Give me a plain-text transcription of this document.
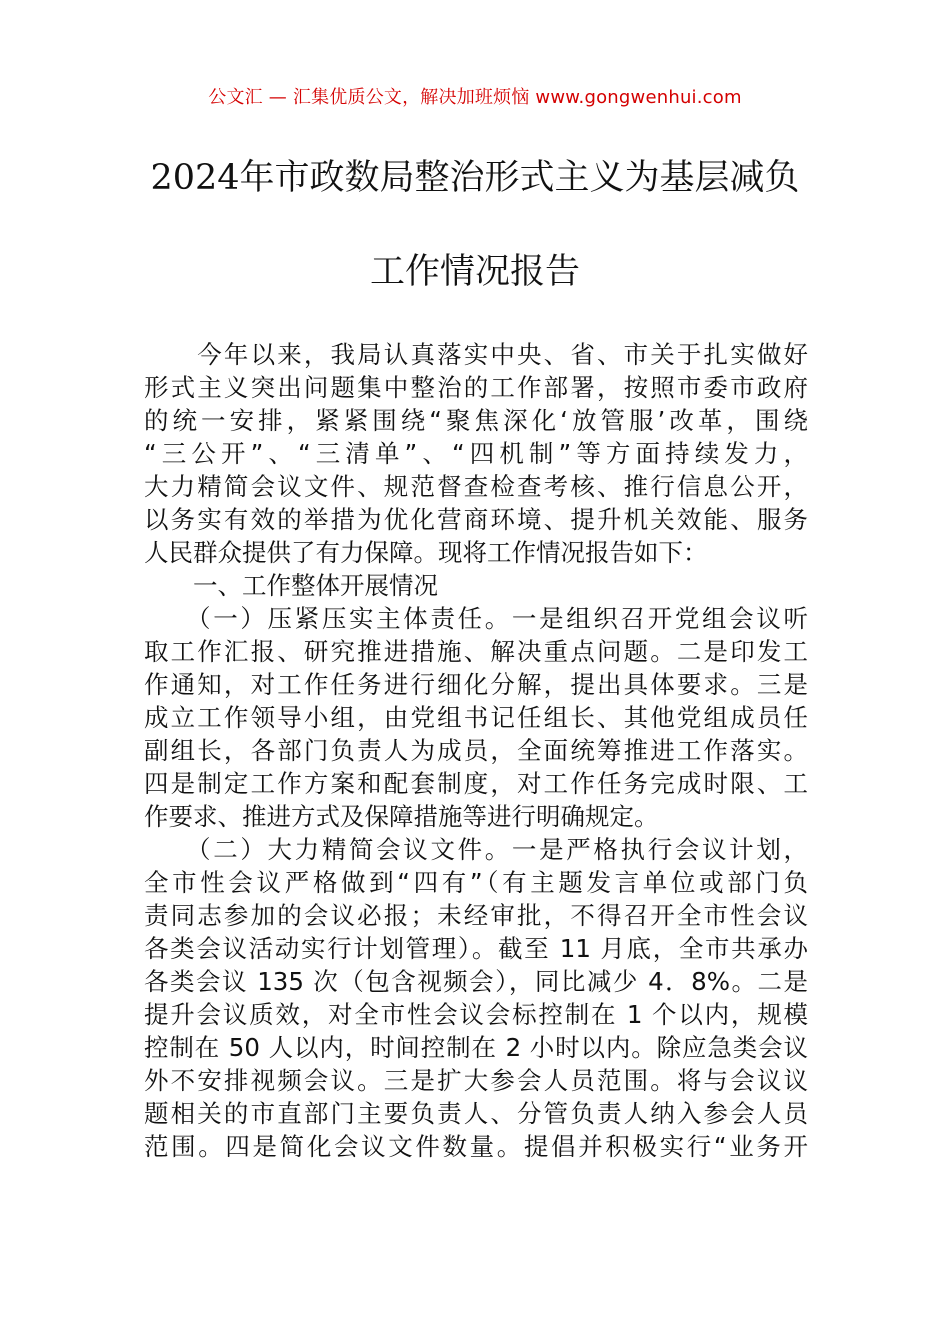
公文汇 — 汇集优质公文，解决加班烦恼 www.gongwenhui.com
2024年市政数局整治形式主义为基层减负
工作情况报告
　　今年以来，我局认真落实中央、省、市关于扎实做好
形式主义突出问题集中整治的工作部署，按照市委市政府
的统一安排，紧紧围绕“聚焦深化‘放管服’改革，围绕
“三公开”、“三清单”、“四机制”等方面持续发力，
大力精简会议文件、规范督查检查考核、推行信息公开，
以务实有效的举措为优化营商环境、提升机关效能、服务
人民群众提供了有力保障。现将工作情况报告如下：
　　一、工作整体开展情况
　　（一）压紧压实主体责任。一是组织召开党组会议听
取工作汇报、研究推进措施、解决重点问题。二是印发工
作通知，对工作任务进行细化分解，提出具体要求。三是
成立工作领导小组，由党组书记任组长、其他党组成员任
副组长，各部门负责人为成员，全面统筹推进工作落实。
四是制定工作方案和配套制度，对工作任务完成时限、工
作要求、推进方式及保障措施等进行明确规定。
　　（二）大力精简会议文件。一是严格执行会议计划，
全市性会议严格做到“四有”（有主题发言单位或部门负
责同志参加的会议必报；未经审批，不得召开全市性会议
各类会议活动实行计划管理）。截至 11 月底，全市共承办
各类会议 135 次（包含视频会），同比减少 4．8%。二是
提升会议质效，对全市性会议会标控制在 1 个以内，规模
控制在 50 人以内，时间控制在 2 小时以内。除应急类会议
外不安排视频会议。三是扩大参会人员范围。将与会议议
题相关的市直部门主要负责人、分管负责人纳入参会人员
范围。四是简化会议文件数量。提倡并积极实行“业务开
